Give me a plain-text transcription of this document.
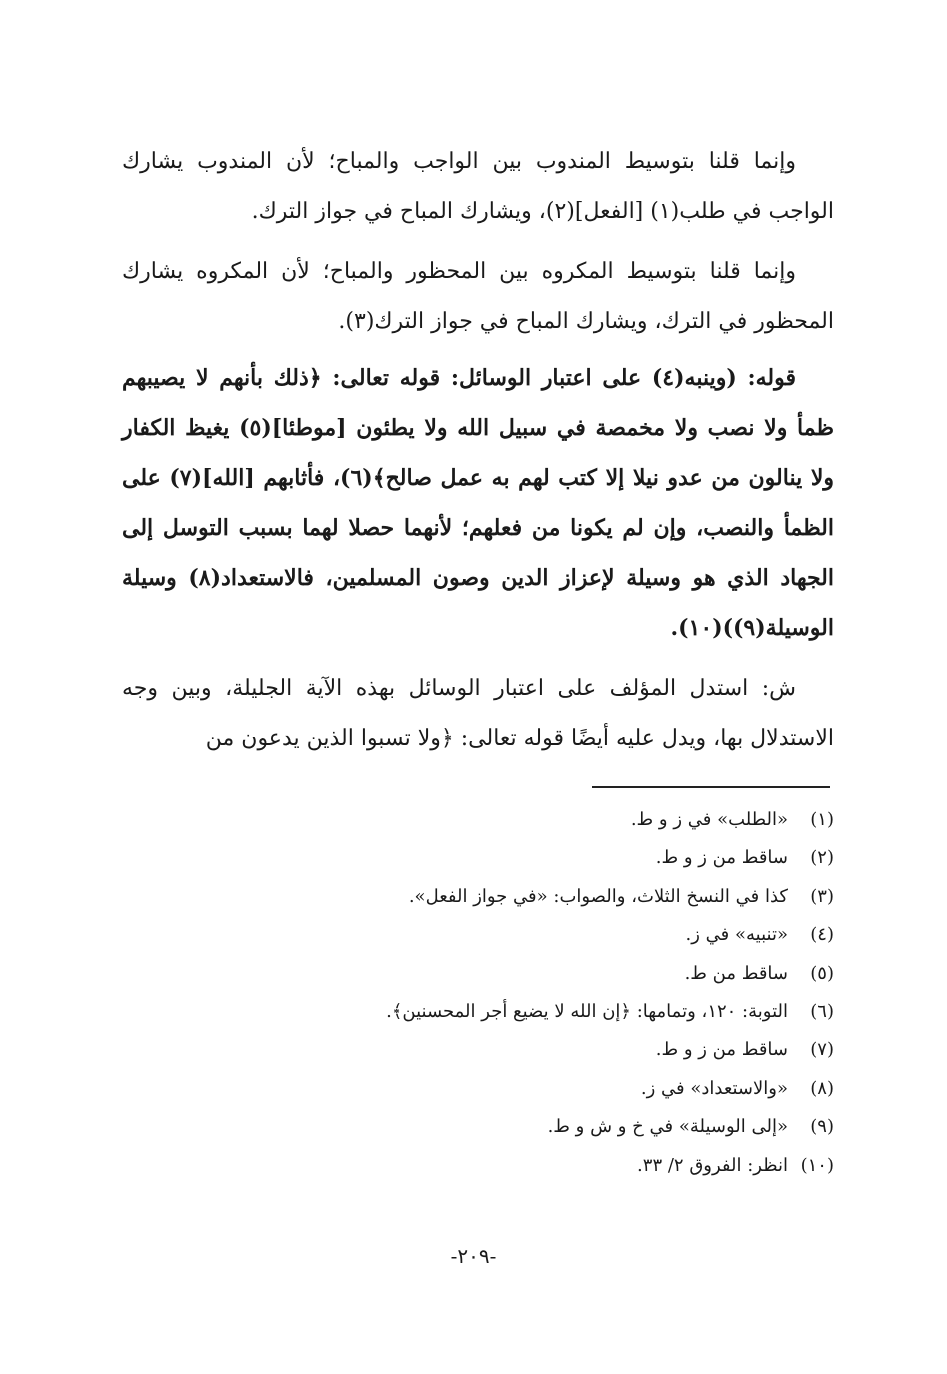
وإنما قلنا بتوسيط المندوب بين الواجب والمباح؛ لأن المندوب يشارك الواجب في طلب(١) [الفعل](٢)، ويشارك المباح في جواز الترك.

وإنما قلنا بتوسيط المكروه بين المحظور والمباح؛ لأن المكروه يشارك المحظور في الترك، ويشارك المباح في جواز الترك(٣).

قوله: (وينبه(٤) على اعتبار الوسائل: قوله تعالى: ﴿ذلك بأنهم لا يصيبهم ظمأ ولا نصب ولا مخمصة في سبيل الله ولا يطئون [موطئا](٥) يغيظ الكفار ولا ينالون من عدو نيلا إلا كتب لهم به عمل صالح﴾(٦)، فأثابهم [الله](٧) على الظمأ والنصب، وإن لم يكونا من فعلهم؛ لأنهما حصلا لهما بسبب التوسل إلى الجهاد الذي هو وسيلة لإعزاز الدين وصون المسلمين، فالاستعداد(٨) وسيلة الوسيلة(٩))(١٠).

ش: استدل المؤلف على اعتبار الوسائل بهذه الآية الجليلة، وبين وجه الاستدلال بها، ويدل عليه أيضًا قوله تعالى: ﴿ولا تسبوا الذين يدعون من

(١)«الطلب» في ز و ط.
(٢)ساقط من ز و ط.
(٣)كذا في النسخ الثلاث، والصواب: «في جواز الفعل».
(٤)«تنبيه» في ز.
(٥)ساقط من ط.
(٦)التوبة: ١٢٠، وتمامها: ﴿إن الله لا يضيع أجر المحسنين﴾.
(٧)ساقط من ز و ط.
(٨)«والاستعداد» في ز.
(٩)«إلى الوسيلة» في خ و ش و ط.
(١٠)انظر: الفروق ٢/ ٣٣.
-٢٠٩-
